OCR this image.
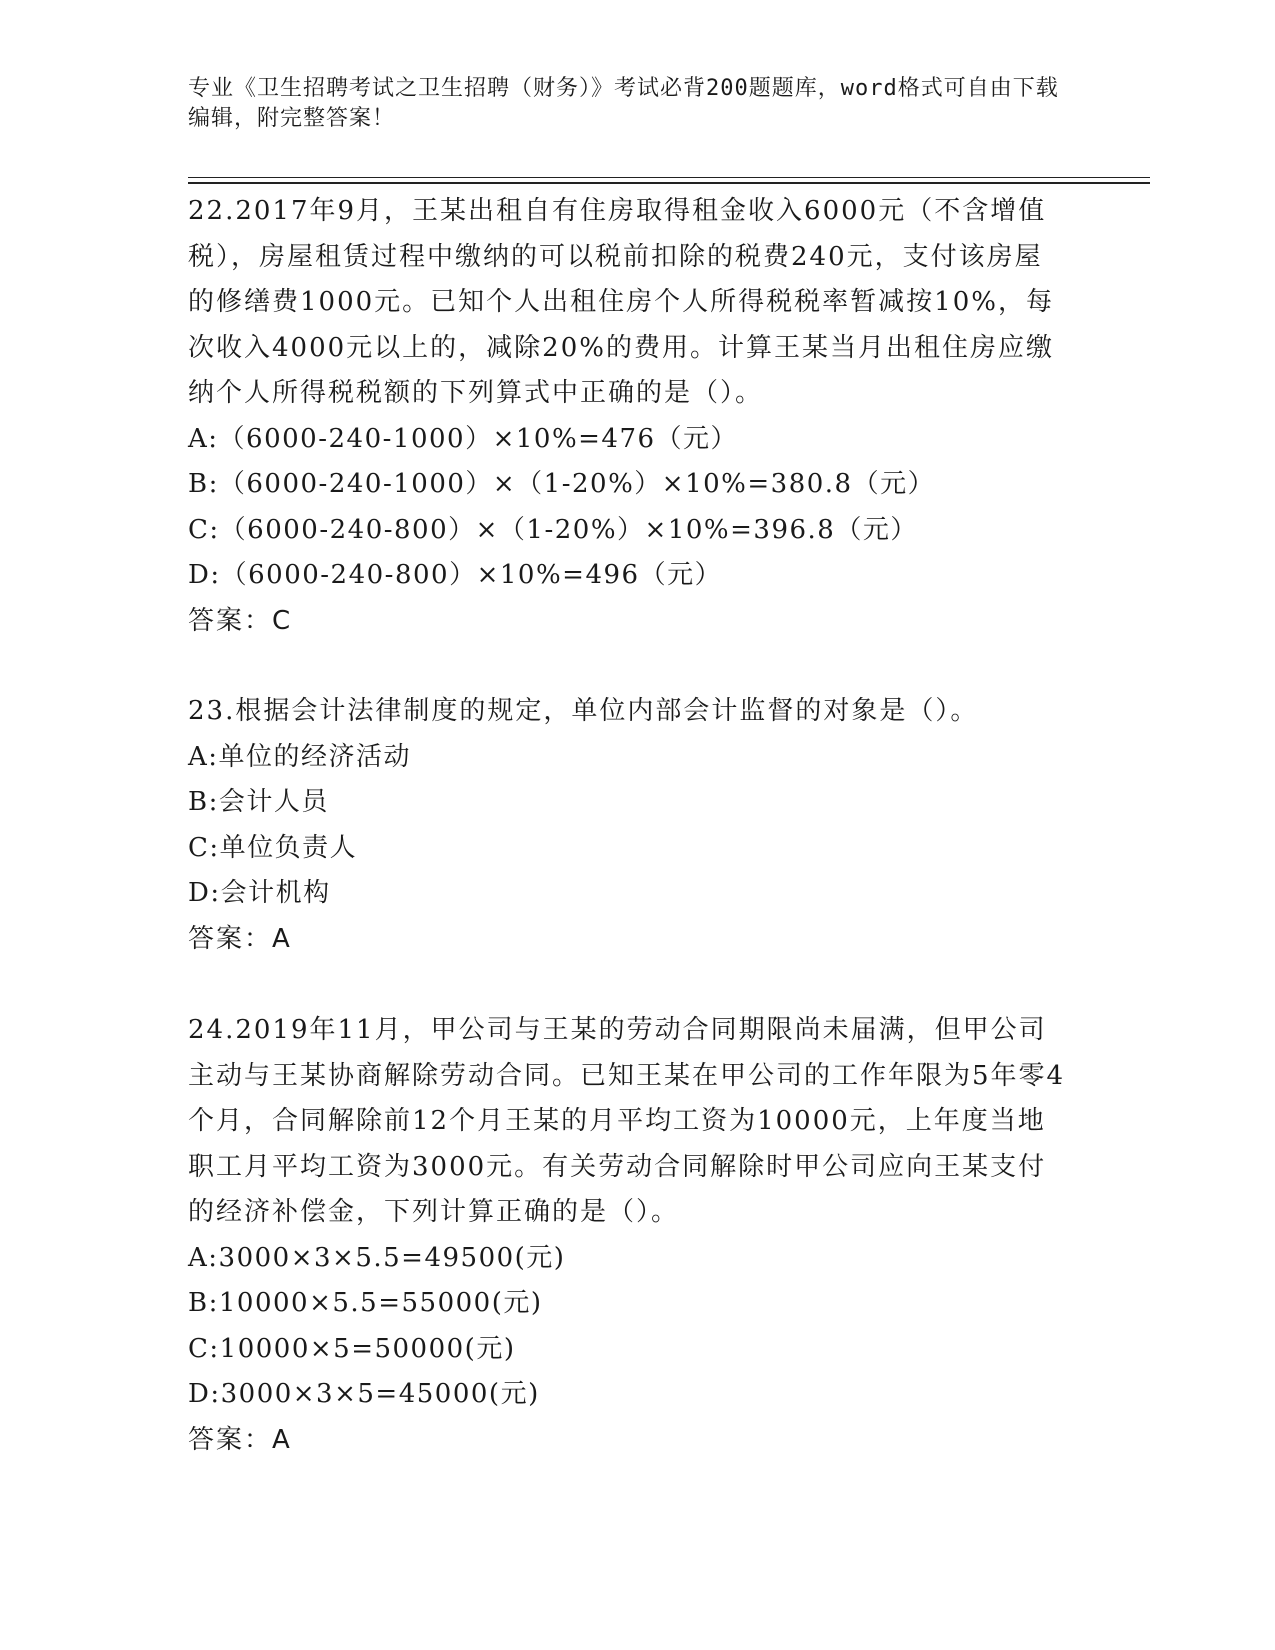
专业《卫生招聘考试之卫生招聘（财务）》考试必背200题题库，word格式可自由下载编辑，附完整答案！

22.2017年9月，王某出租自有住房取得租金收入6000元（不含增值税），房屋租赁过程中缴纳的可以税前扣除的税费240元，支付该房屋的修缮费1000元。已知个人出租住房个人所得税税率暂减按10%，每次收入4000元以上的，减除20%的费用。计算王某当月出租住房应缴纳个人所得税税额的下列算式中正确的是（）。

A:（6000-240-1000）×10%=476（元）

B:（6000-240-1000）×（1-20%）×10%=380.8（元）

C:（6000-240-800）×（1-20%）×10%=396.8（元）

D:（6000-240-800）×10%=496（元）

答案：C

23.根据会计法律制度的规定，单位内部会计监督的对象是（）。

A:单位的经济活动

B:会计人员

C:单位负责人

D:会计机构

答案：A

24.2019年11月，甲公司与王某的劳动合同期限尚未届满，但甲公司主动与王某协商解除劳动合同。已知王某在甲公司的工作年限为5年零4个月，合同解除前12个月王某的月平均工资为10000元，上年度当地职工月平均工资为3000元。有关劳动合同解除时甲公司应向王某支付的经济补偿金，下列计算正确的是（）。

A:3000×3×5.5=49500(元)

B:10000×5.5=55000(元)

C:10000×5=50000(元)

D:3000×3×5=45000(元)

答案：A
